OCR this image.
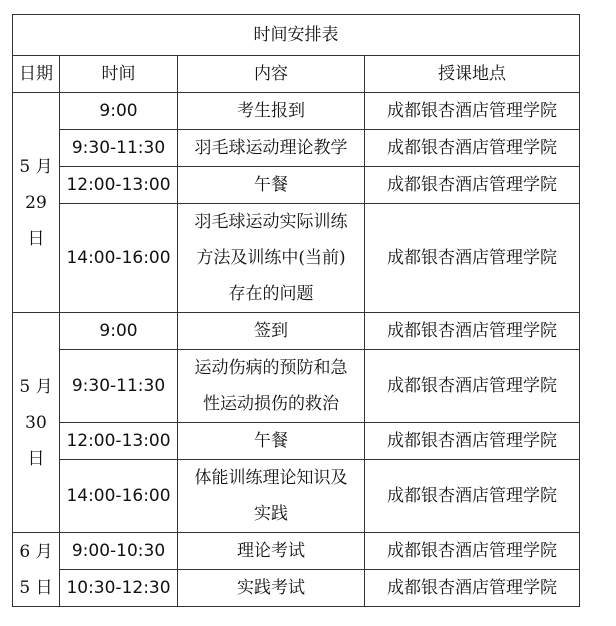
时间安排表			
日期	时间	内容	授课地点

5 月
29 日	9:00	考生报到	成都银杏酒店管理学院
	9:30-11:30	羽毛球运动理论教学	成都银杏酒店管理学院
	12:00-13:00	午餐	成都银杏酒店管理学院
	14:00-16:00	羽毛球运动实际训练
方法及训练中(当前)
存在的问题	成都银杏酒店管理学院

5 月
30 日	9:00	签到	成都银杏酒店管理学院
	9:30-11:30	运动伤病的预防和急
性运动损伤的救治	成都银杏酒店管理学院
	12:00-13:00	午餐	成都银杏酒店管理学院
	14:00-16:00	体能训练理论知识及
实践	成都银杏酒店管理学院

6 月
5 日	9:00-10:30	理论考试	成都银杏酒店管理学院
	10:30-12:30	实践考试	成都银杏酒店管理学院
